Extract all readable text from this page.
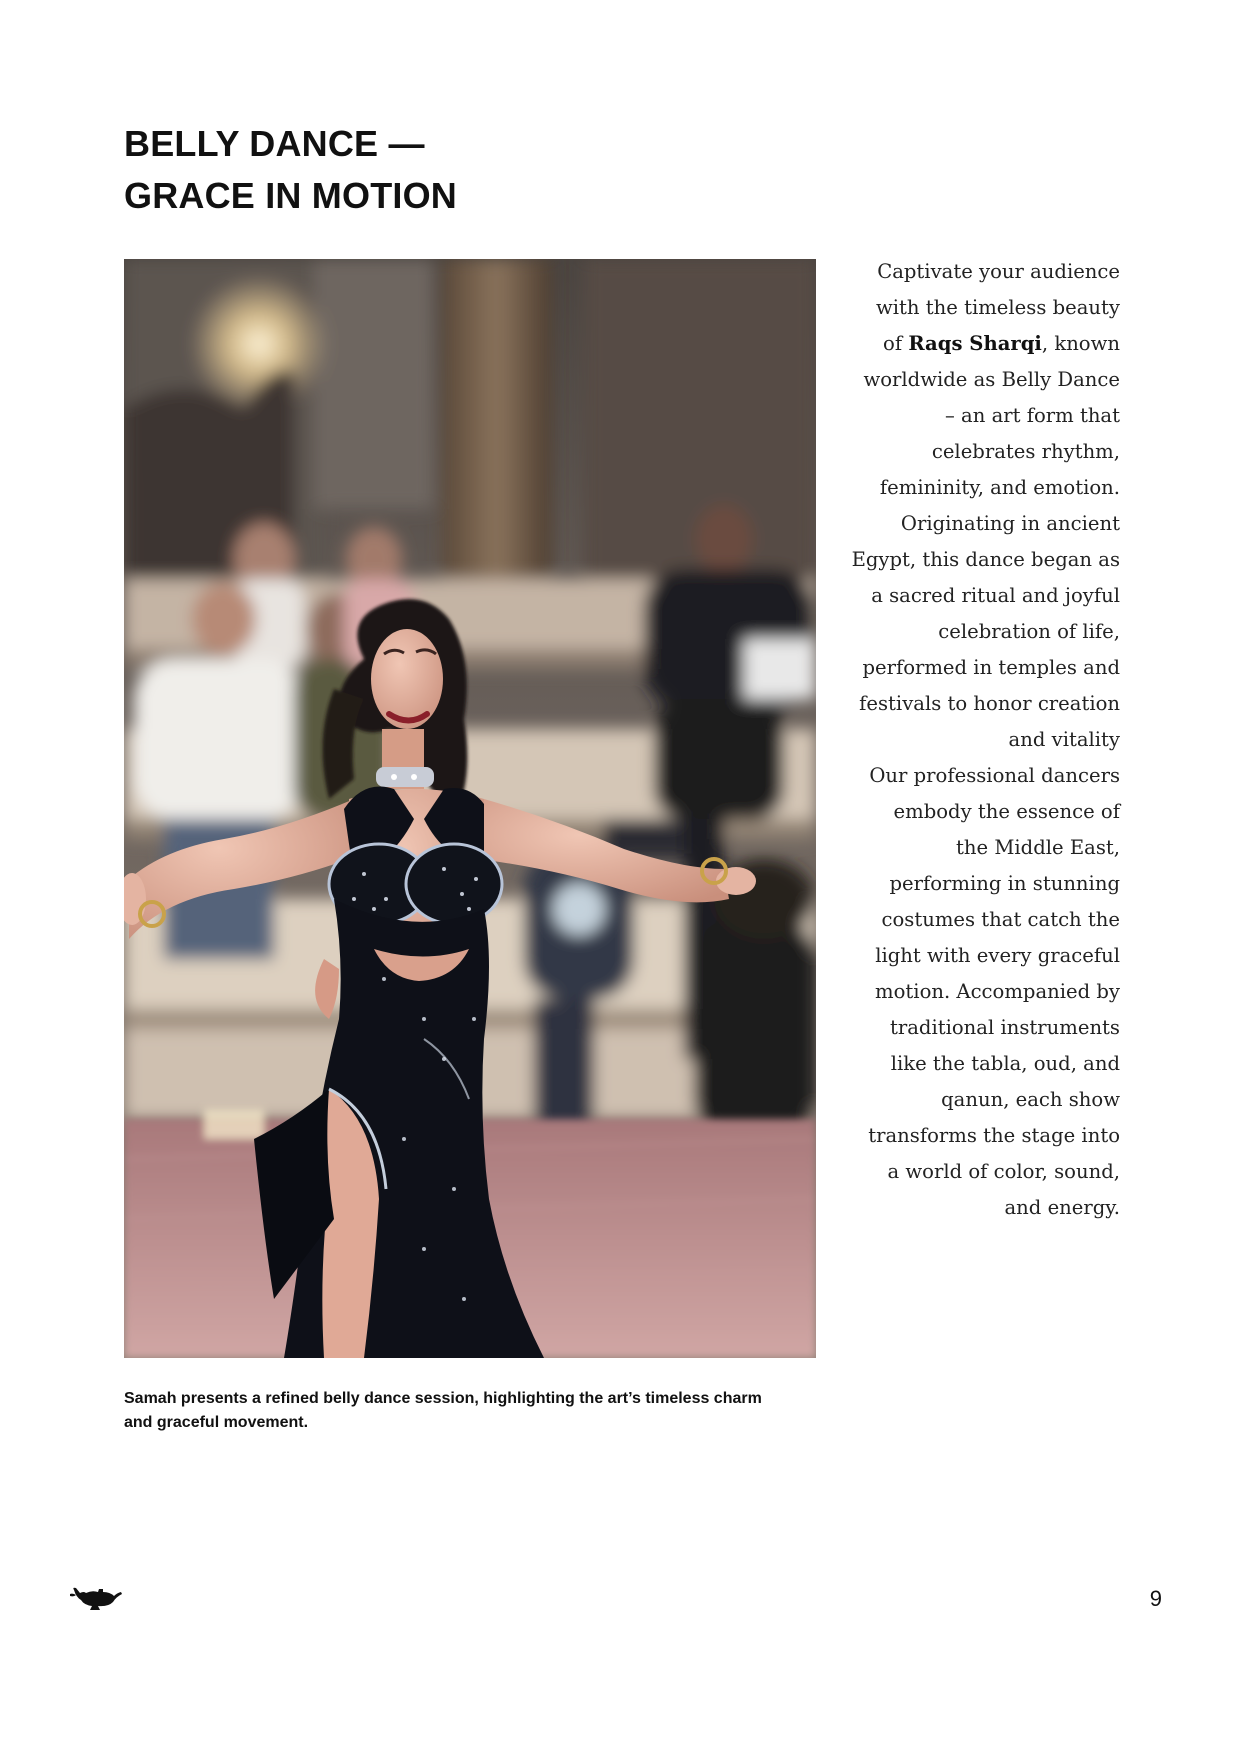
BELLY DANCE —
GRACE IN MOTION
Captivate your audience
with the timeless beauty
of Raqs Sharqi, known
worldwide as Belly Dance
– an art form that
celebrates rhythm,
femininity, and emotion.
Originating in ancient
Egypt, this dance began as
a sacred ritual and joyful
celebration of life,
performed in temples and
festivals to honor creation
and vitality
Our professional dancers
embody the essence of
the Middle East,
performing in stunning
costumes that catch the
light with every graceful
motion. Accompanied by
traditional instruments
like the tabla, oud, and
qanun, each show
transforms the stage into
a world of color, sound,
and energy.

Samah presents a refined belly dance session, highlighting the art’s timeless charm
and graceful movement.

9
